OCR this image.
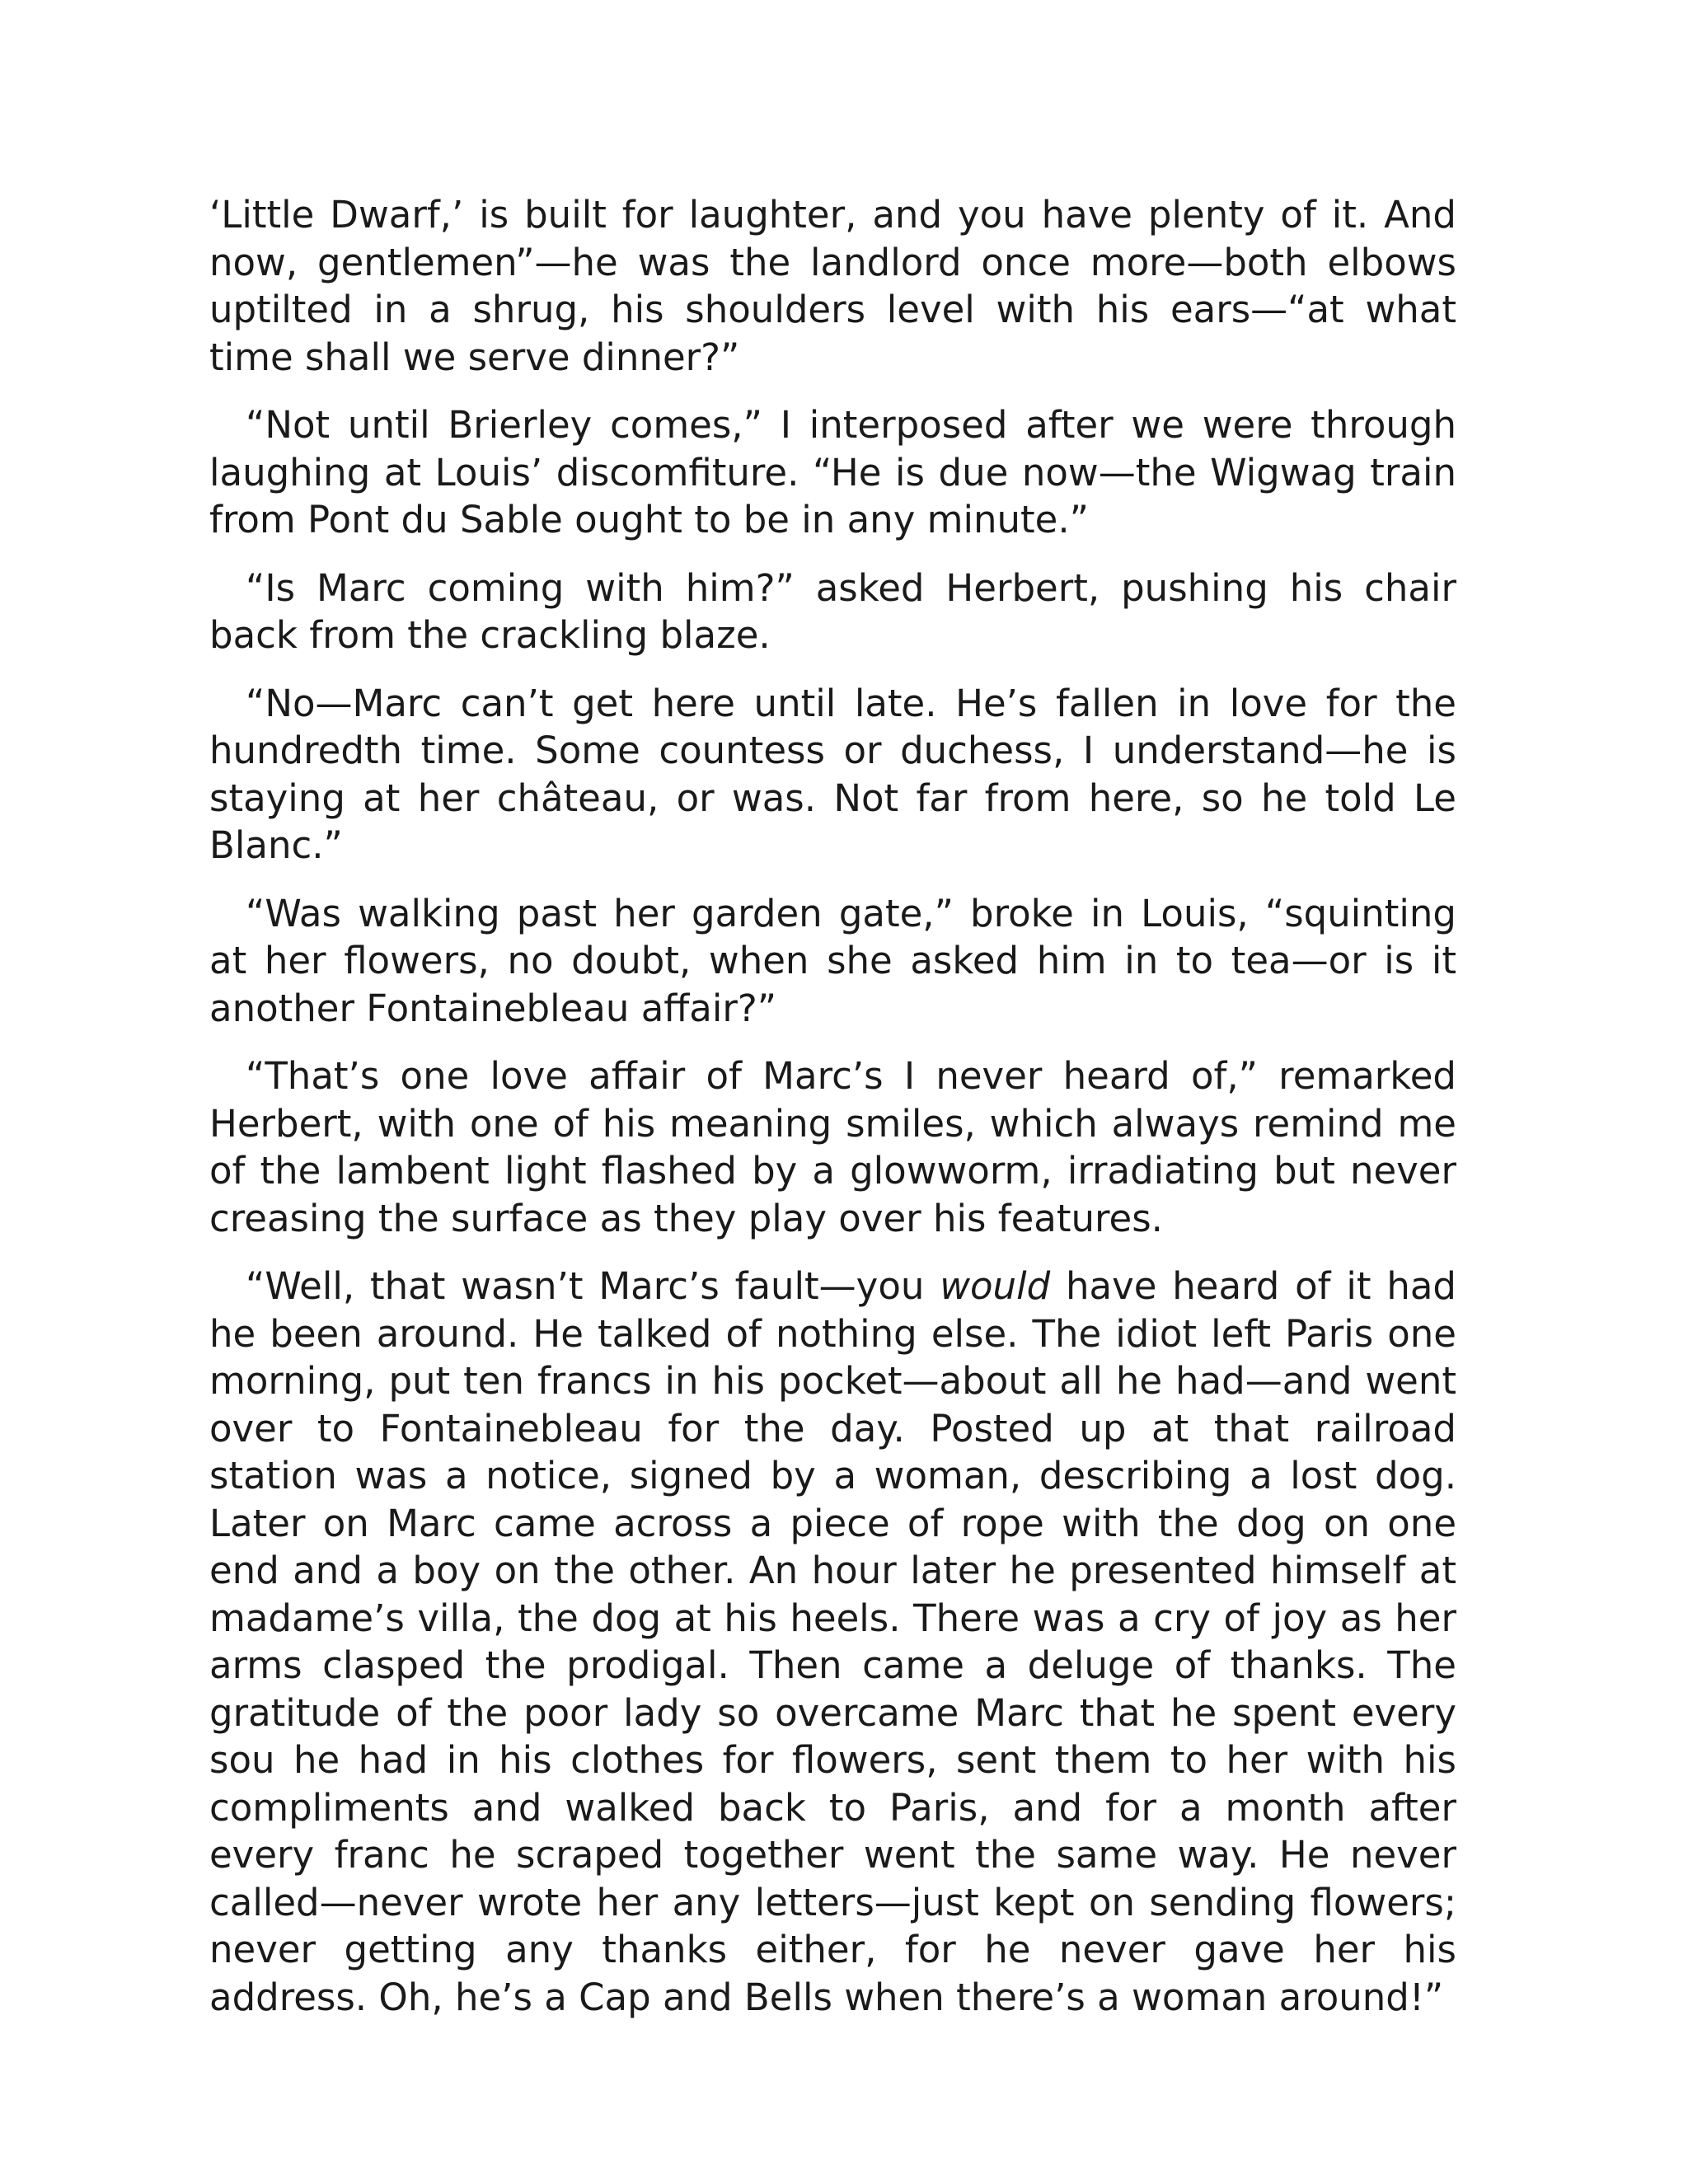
‘Little Dwarf,’ is built for laughter, and you have plenty of it. And now, gentlemen”—he was the landlord once more—both elbows uptilted in a shrug, his shoulders level with his ears—“at what time shall we serve dinner?”

“Not until Brierley comes,” I interposed after we were through laughing at Louis’ discomfiture. “He is due now—the Wigwag train from Pont du Sable ought to be in any minute.”

“Is Marc coming with him?” asked Herbert, pushing his chair back from the crackling blaze.

“No—Marc can’t get here until late. He’s fallen in love for the hundredth time. Some countess or duchess, I understand—he is staying at her château, or was. Not far from here, so he told Le Blanc.”

“Was walking past her garden gate,” broke in Louis, “squinting at her flowers, no doubt, when she asked him in to tea—or is it another Fontainebleau affair?”

“That’s one love affair of Marc’s I never heard of,” remarked Herbert, with one of his meaning smiles, which always remind me of the lambent light flashed by a glowworm, irradiating but never creasing the surface as they play over his features.

“Well, that wasn’t Marc’s fault—you would have heard of it had he been around. He talked of nothing else. The idiot left Paris one morning, put ten francs in his pocket—about all he had—and went over to Fontainebleau for the day. Posted up at that railroad station was a notice, signed by a woman, describing a lost dog. Later on Marc came across a piece of rope with the dog on one end and a boy on the other. An hour later he presented himself at madame’s villa, the dog at his heels. There was a cry of joy as her arms clasped the prodigal. Then came a deluge of thanks. The gratitude of the poor lady so overcame Marc that he spent every sou he had in his clothes for flowers, sent them to her with his compliments and walked back to Paris, and for a month after every franc he scraped together went the same way. He never called—never wrote her any letters—just kept on sending flowers; never getting any thanks either, for he never gave her his address. Oh, he’s a Cap and Bells when there’s a woman around!”
